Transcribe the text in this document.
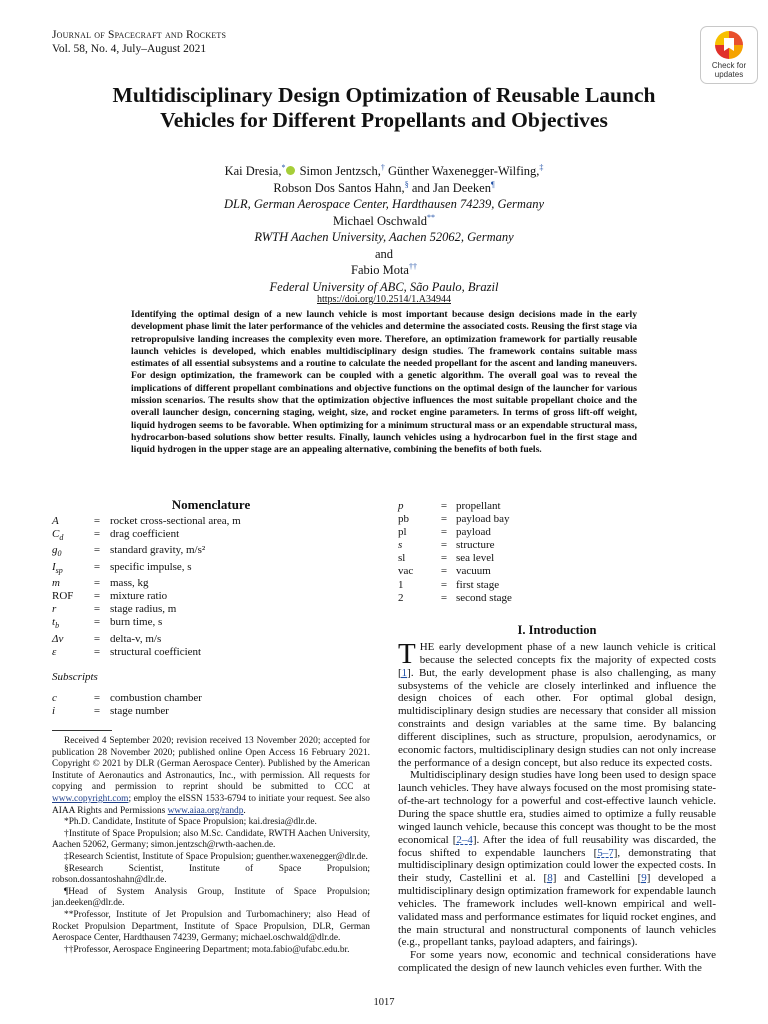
Journal of Spacecraft and Rockets
Vol. 58, No. 4, July–August 2021
Check for
updates
Multidisciplinary Design Optimization of Reusable Launch
Vehicles for Different Propellants and Objectives
Kai Dresia,* Simon Jentzsch,† Günther Waxenegger-Wilfing,‡
Robson Dos Santos Hahn,§ and Jan Deeken¶
DLR, German Aerospace Center, Hardthausen 74239, Germany
Michael Oschwald**
RWTH Aachen University, Aachen 52062, Germany
and
Fabio Mota††
Federal University of ABC, São Paulo, Brazil
https://doi.org/10.2514/1.A34944
Identifying the optimal design of a new launch vehicle is most important because design decisions made in the early development phase limit the later performance of the vehicles and determine the associated costs. Reusing the first stage via retropropulsive landing increases the complexity even more. Therefore, an optimization framework for partially reusable launch vehicles is developed, which enables multidisciplinary design studies. The framework contains suitable mass estimates of all essential subsystems and a routine to calculate the needed propellant for the ascent and landing maneuvers. For design optimization, the framework can be coupled with a genetic algorithm. The overall goal was to reveal the implications of different propellant combinations and objective functions on the optimal design of the launcher for various mission scenarios. The results show that the optimization objective influences the most suitable propellant choice and the overall launcher design, concerning staging, weight, size, and rocket engine parameters. In terms of gross lift-off weight, liquid hydrogen seems to be favorable. When optimizing for a minimum structural mass or an expendable structural mass, hydrocarbon-based solutions show better results. Finally, launch vehicles using a hydrocarbon fuel in the first stage and liquid hydrogen in the upper stage are an appealing alternative, combining the benefits of both fuels.
Nomenclature
A	= rocket cross-sectional area, m
$C_d$	= drag coefficient
$g_0$	= standard gravity, m/s²
$I_{sp}$	= specific impulse, s
m	= mass, kg
ROF	= mixture ratio
r	= stage radius, m
$t_b$	= burn time, s
Δv	= delta-v, m/s
ε	= structural coefficient
Subscripts
c	= combustion chamber
i	= stage number
p	= propellant
pb	= payload bay
pl	= payload
s	= structure
sl	= sea level
vac	= vacuum
1	= first stage
2	= second stage
I. Introduction

THE early development phase of a new launch vehicle is critical because the selected concepts fix the majority of expected costs [1]. But, the early development phase is also challenging, as many subsystems of the vehicle are closely interlinked and influence the design choices of each other. For optimal global design, multidisciplinary design studies are necessary that consider all mission constraints and design variables at the same time. By balancing different disciplines, such as structure, propulsion, aerodynamics, or economic factors, multidisciplinary design studies can not only increase the performance of a design concept, but also reduce its expected costs.

Multidisciplinary design studies have long been used to design space launch vehicles. They have always focused on the most promising state-of-the-art technology for a powerful and cost-effective launch vehicle. During the space shuttle era, studies aimed to optimize a fully reusable winged launch vehicle, because this concept was thought to be the most economical [2–4]. After the idea of full reusability was discarded, the focus shifted to expendable launchers [5–7], demonstrating that multidisciplinary design optimization could lower the expected costs. In their study, Castellini et al. [8] and Castellini [9] developed a multidisciplinary design optimization framework for expendable launch vehicles. The framework includes well-known empirical and well-validated mass and performance estimates for liquid rocket engines, and the main structural and nonstructural components of launch vehicles (e.g., propellant tanks, payload adapters, and fairings).

For some years now, economic and technical considerations have complicated the design of new launch vehicles even further. With the

Received 4 September 2020; revision received 13 November 2020; accepted for publication 28 November 2020; published online Open Access 16 February 2021. Copyright © 2021 by DLR (German Aerospace Center). Published by the American Institute of Aeronautics and Astronautics, Inc., with permission. All requests for copying and permission to reprint should be submitted to CCC at www.copyright.com; employ the eISSN 1533-6794 to initiate your request. See also AIAA Rights and Permissions www.aiaa.org/randp.

*Ph.D. Candidate, Institute of Space Propulsion; kai.dresia@dlr.de.

†Institute of Space Propulsion; also M.Sc. Candidate, RWTH Aachen University, Aachen 52062, Germany; simon.jentzsch@rwth-aachen.de.

‡Research Scientist, Institute of Space Propulsion; guenther.waxenegger@dlr.de.

§Research Scientist, Institute of Space Propulsion; robson.dossantoshahn@dlr.de.

¶Head of System Analysis Group, Institute of Space Propulsion; jan.deeken@dlr.de.

**Professor, Institute of Jet Propulsion and Turbomachinery; also Head of Rocket Propulsion Department, Institute of Space Propulsion, DLR, German Aerospace Center, Hardthausen 74239, Germany; michael.oschwald@dlr.de.

††Professor, Aerospace Engineering Department; mota.fabio@ufabc.edu.br.

1017
